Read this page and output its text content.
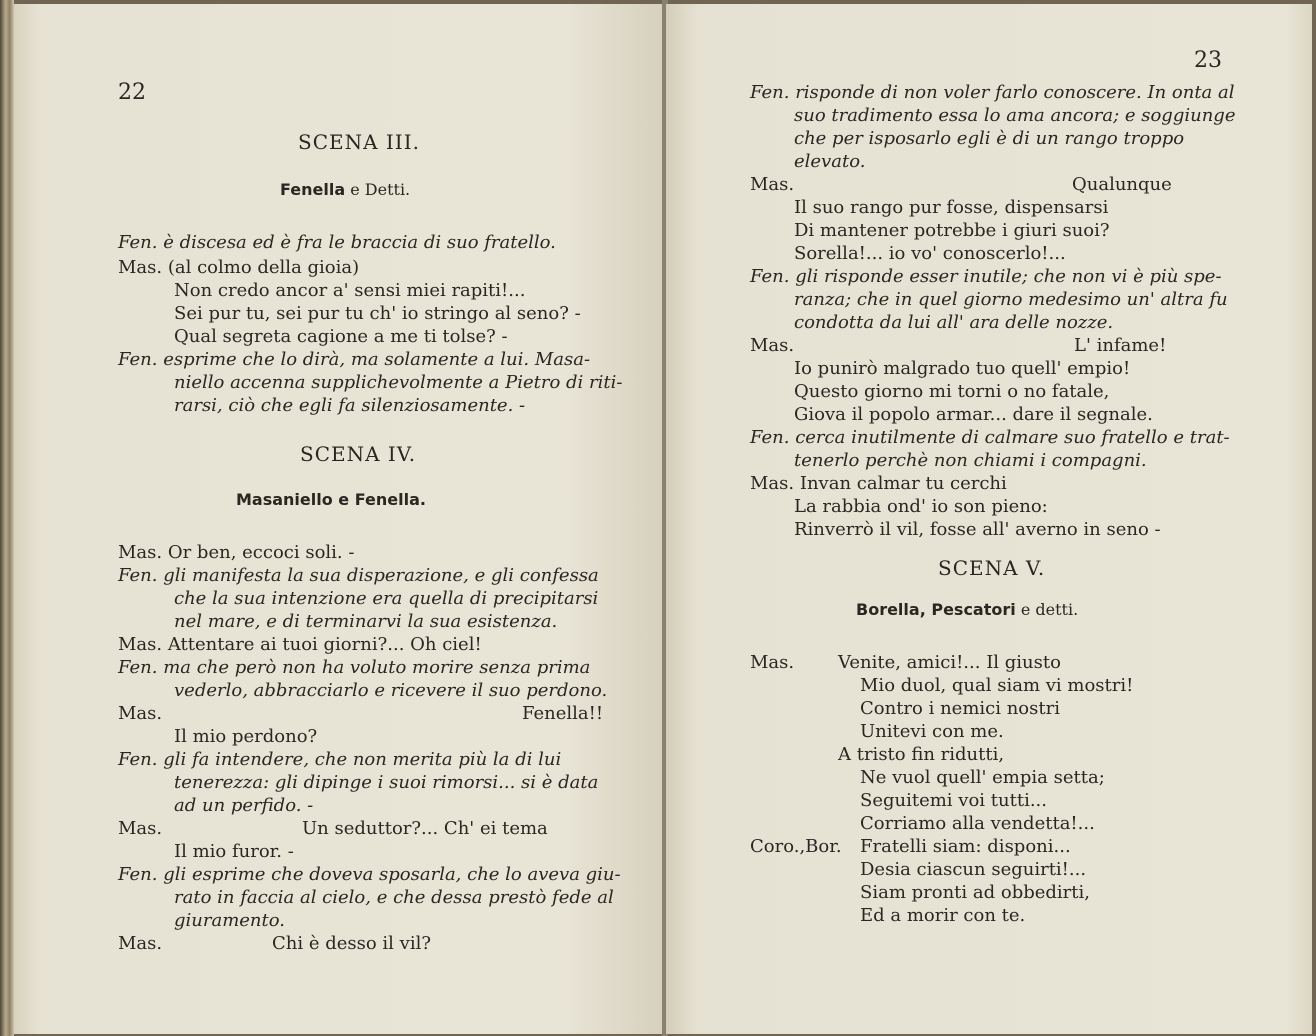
22
SCENA III.
Fenella e Detti.
Fen. è discesa ed è fra le braccia di suo fratello.
Mas. (al colmo della gioia)
Non credo ancor a' sensi miei rapiti!...
Sei pur tu, sei pur tu ch' io stringo al seno? -
Qual segreta cagione a me ti tolse? -
Fen. esprime che lo dirà, ma solamente a lui. Masa-
niello accenna supplichevolmente a Pietro di riti-
rarsi, ciò che egli fa silenziosamente. -
SCENA IV.
Masaniello e Fenella.
Mas. Or ben, eccoci soli. -
Fen. gli manifesta la sua disperazione, e gli confessa
che la sua intenzione era quella di precipitarsi
nel mare, e di terminarvi la sua esistenza.
Mas. Attentare ai tuoi giorni?... Oh ciel!
Fen. ma che però non ha voluto morire senza prima
vederlo, abbracciarlo e ricevere il suo perdono.
Mas.	Fenella!!
Il mio perdono?
Fen. gli fa intendere, che non merita più la di lui
tenerezza: gli dipinge i suoi rimorsi... si è data
ad un perfido. -
Mas.	Un seduttor?... Ch' ei tema
Il mio furor. -
Fen. gli esprime che doveva sposarla, che lo aveva giu-
rato in faccia al cielo, e che dessa prestò fede al
giuramento.
Mas.	Chi è desso il vil?
23
Fen. risponde di non voler farlo conoscere. In onta al
suo tradimento essa lo ama ancora; e soggiunge
che per isposarlo egli è di un rango troppo
elevato.
Mas.	Qualunque
Il suo rango pur fosse, dispensarsi
Di mantener potrebbe i giuri suoi?
Sorella!... io vo' conoscerlo!...
Fen. gli risponde esser inutile; che non vi è più spe-
ranza; che in quel giorno medesimo un' altra fu
condotta da lui all' ara delle nozze.
Mas.	L' infame!
Io punirò malgrado tuo quell' empio!
Questo giorno mi torni o no fatale,
Giova il popolo armar... dare il segnale.
Fen. cerca inutilmente di calmare suo fratello e trat-
tenerlo perchè non chiami i compagni.
Mas. Invan calmar tu cerchi
La rabbia ond' io son pieno:
Rinverrò il vil, fosse all' averno in seno -
SCENA V.
Borella, Pescatori e detti.
Mas. Venite, amici!... Il giusto
Mio duol, qual siam vi mostri!
Contro i nemici nostri
Unitevi con me.
A tristo fin ridutti,
Ne vuol quell' empia setta;
Seguitemi voi tutti...
Corriamo alla vendetta!...
Coro.,Bor. Fratelli siam: disponi...
Desia ciascun seguirti!...
Siam pronti ad obbedirti,
Ed a morir con te.
